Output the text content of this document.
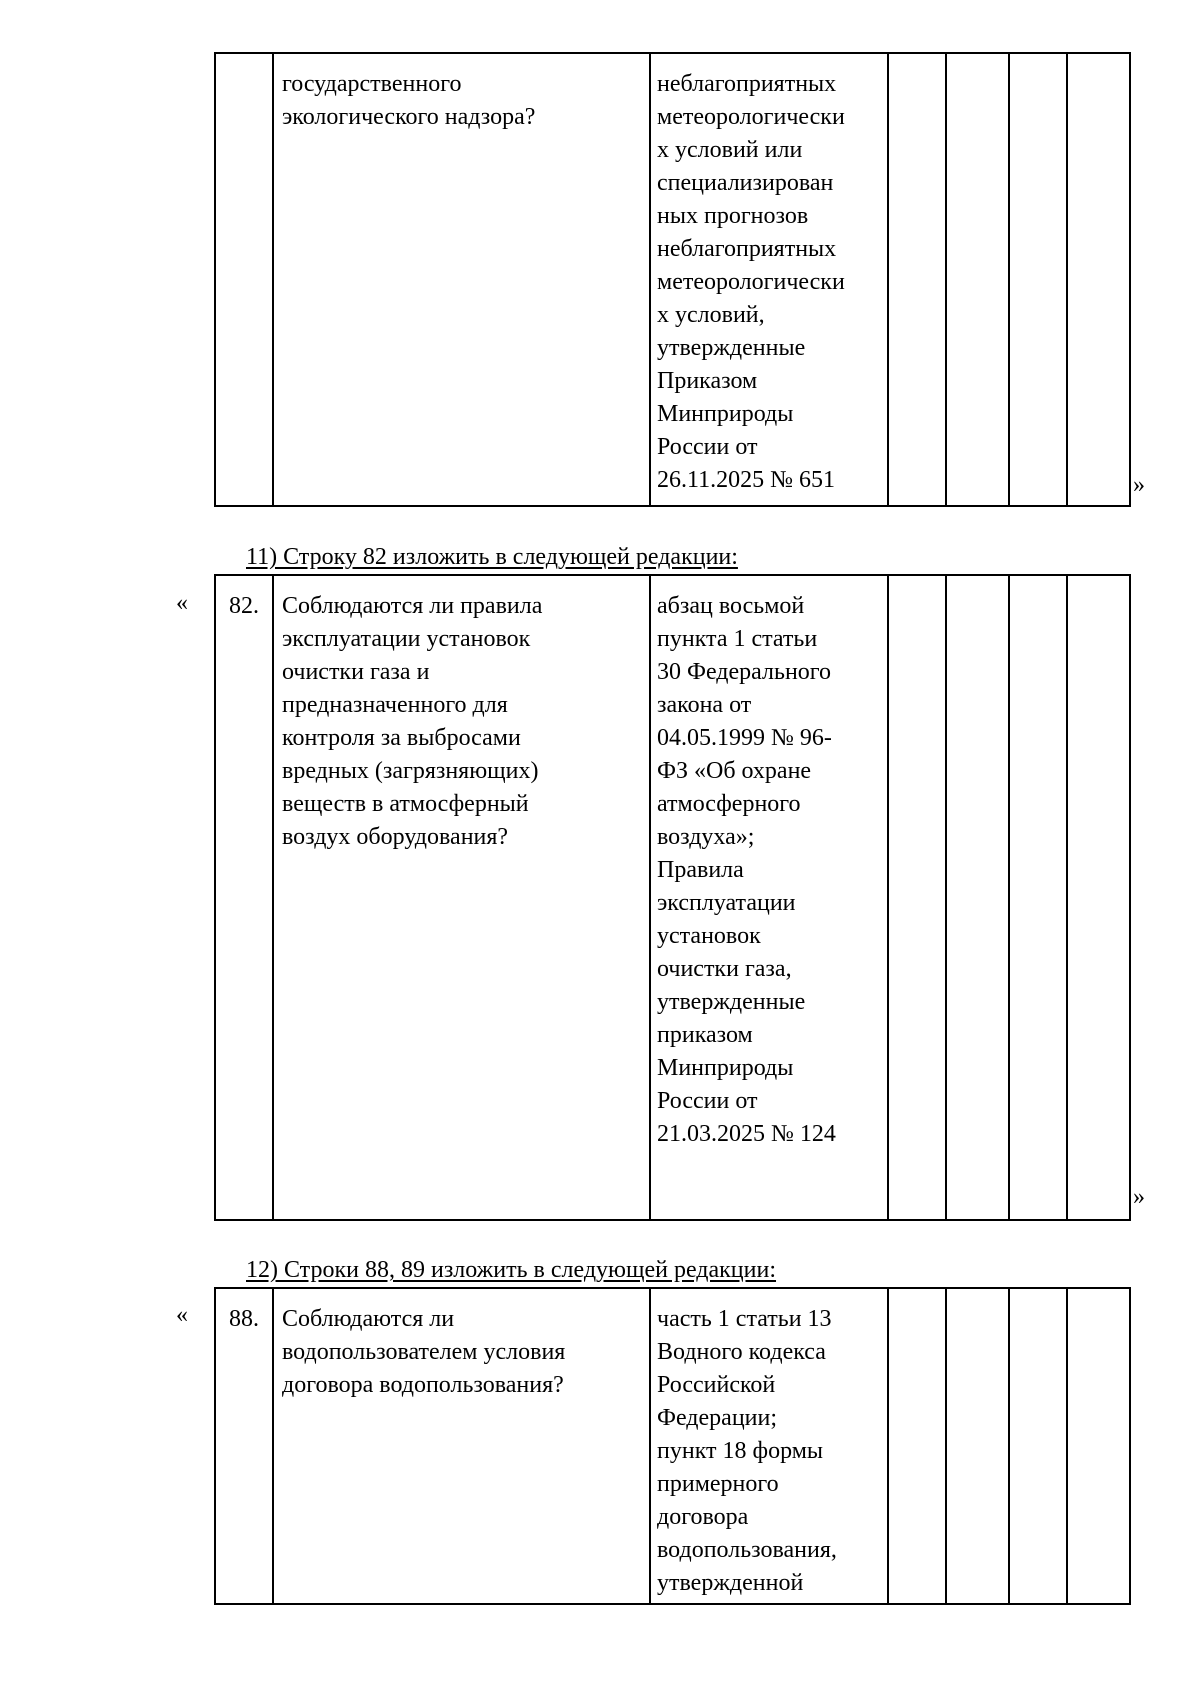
	государственного
экологического надзора?	неблагоприятных
метеорологически
х условий или
специализирован
ных прогнозов
неблагоприятных
метеорологически
х условий,
утвержденные
Приказом
Минприроды
России от
26.11.2025 № 651					»
11) Строку 82 изложить в следующей редакции:
« 82.	Соблюдаются ли правила
эксплуатации установок
очистки газа и
предназначенного для
контроля за выбросами
вредных (загрязняющих)
веществ в атмосферный
воздух оборудования?	абзац восьмой
пункта 1 статьи
30 Федерального
закона от
04.05.1999 № 96-
ФЗ «Об охране
атмосферного
воздуха»;
Правила
эксплуатации
установок
очистки газа,
утвержденные
приказом
Минприроды
России от
21.03.2025 № 124				
»
12) Строки 88, 89 изложить в следующей редакции:
« 88.	Соблюдаются ли
водопользователем условия
договора водопользования?	часть 1 статьи 13
Водного кодекса
Российской
Федерации;
пункт 18 формы
примерного
договора
водопользования,
утвержденной				
